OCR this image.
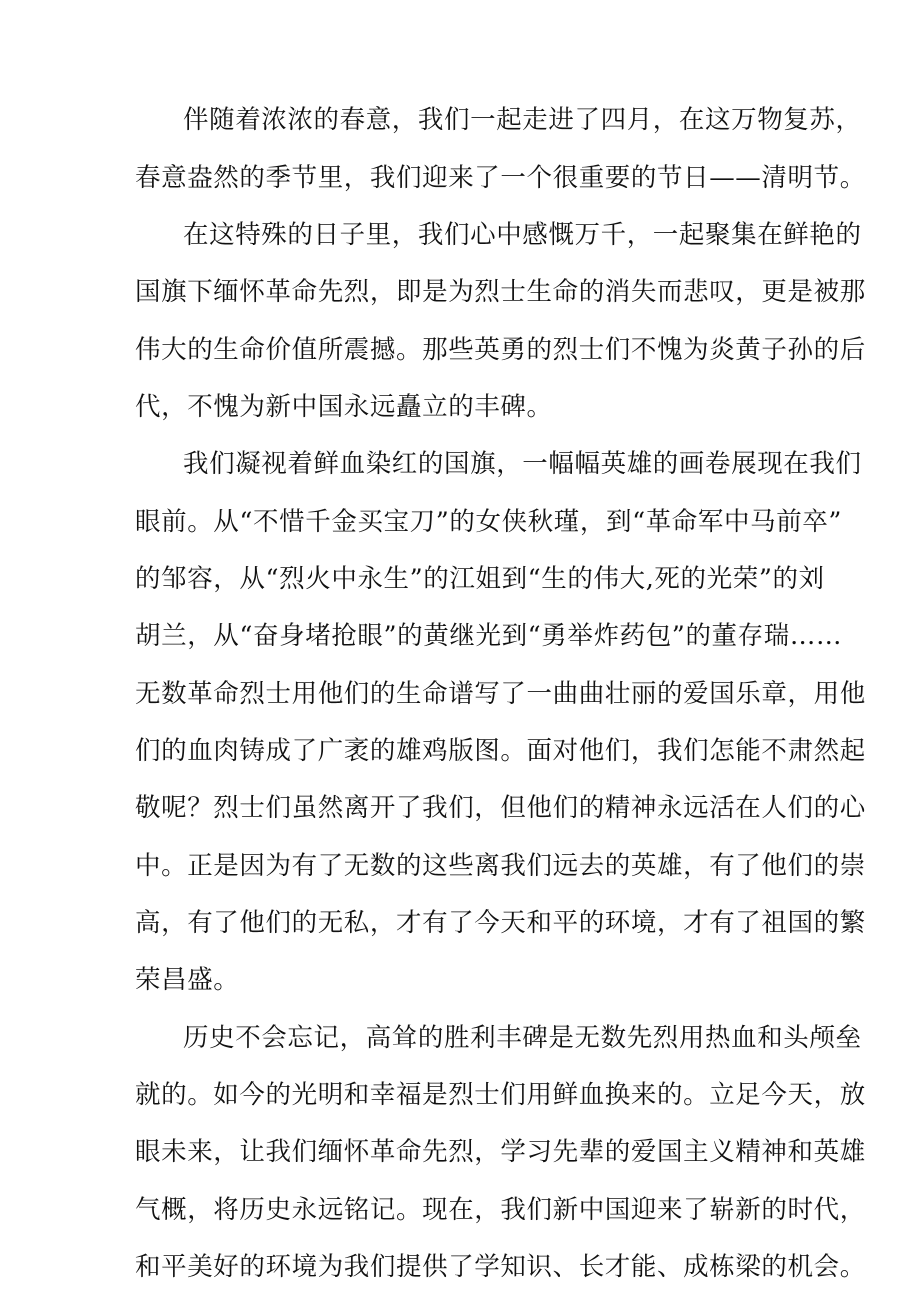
伴随着浓浓的春意，我们一起走进了四月，在这万物复苏，
春意盎然的季节里，我们迎来了一个很重要的节日——清明节。
在这特殊的日子里，我们心中感慨万千，一起聚集在鲜艳的
国旗下缅怀革命先烈，即是为烈士生命的消失而悲叹，更是被那
伟大的生命价值所震撼。那些英勇的烈士们不愧为炎黄子孙的后
代，不愧为新中国永远矗立的丰碑。
我们凝视着鲜血染红的国旗，一幅幅英雄的画卷展现在我们
眼前。从“不惜千金买宝刀”的女侠秋瑾，到“革命军中马前卒”
的邹容，从“烈火中永生”的江姐到“生的伟大,死的光荣”的刘
胡兰，从“奋身堵抢眼”的黄继光到“勇举炸药包”的董存瑞……
无数革命烈士用他们的生命谱写了一曲曲壮丽的爱国乐章，用他
们的血肉铸成了广袤的雄鸡版图。面对他们，我们怎能不肃然起
敬呢？烈士们虽然离开了我们，但他们的精神永远活在人们的心
中。正是因为有了无数的这些离我们远去的英雄，有了他们的崇
高，有了他们的无私，才有了今天和平的环境，才有了祖国的繁
荣昌盛。
历史不会忘记，高耸的胜利丰碑是无数先烈用热血和头颅垒
就的。如今的光明和幸福是烈士们用鲜血换来的。立足今天，放
眼未来，让我们缅怀革命先烈，学习先辈的爱国主义精神和英雄
气概，将历史永远铭记。现在，我们新中国迎来了崭新的时代，
和平美好的环境为我们提供了学知识、长才能、成栋梁的机会。
